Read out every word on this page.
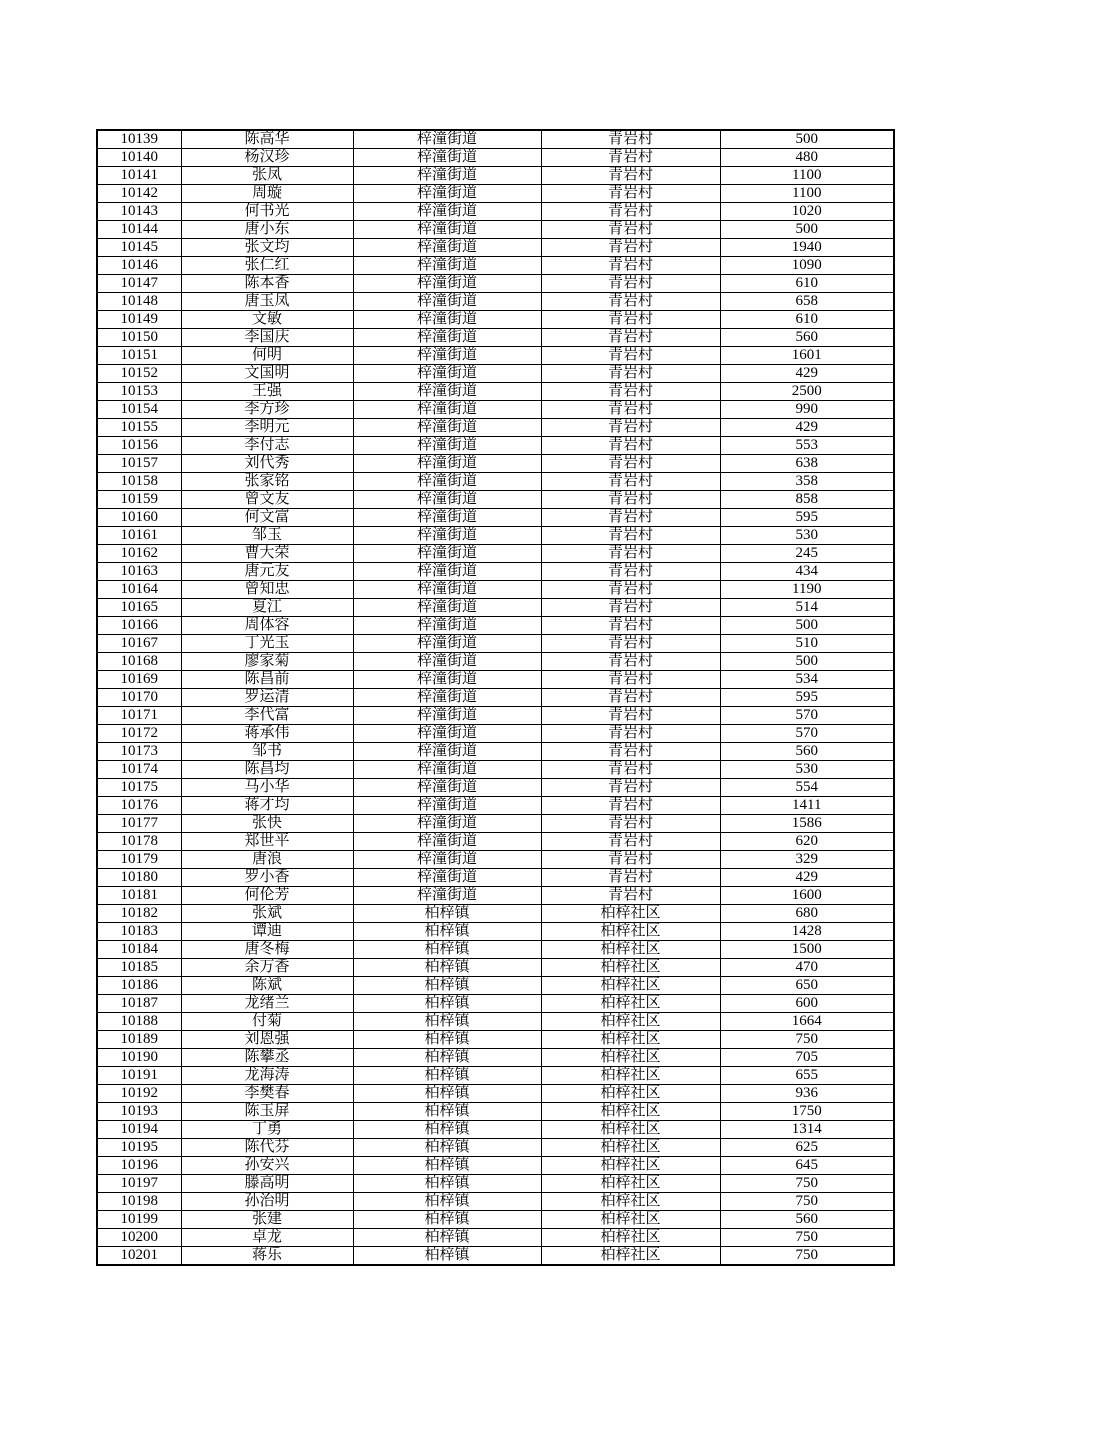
10139	陈高华	梓潼街道	青岩村	500
10140	杨汉珍	梓潼街道	青岩村	480
10141	张凤	梓潼街道	青岩村	1100
10142	周璇	梓潼街道	青岩村	1100
10143	何书光	梓潼街道	青岩村	1020
10144	唐小东	梓潼街道	青岩村	500
10145	张文均	梓潼街道	青岩村	1940
10146	张仁红	梓潼街道	青岩村	1090
10147	陈本香	梓潼街道	青岩村	610
10148	唐玉凤	梓潼街道	青岩村	658
10149	文敏	梓潼街道	青岩村	610
10150	李国庆	梓潼街道	青岩村	560
10151	何明	梓潼街道	青岩村	1601
10152	文国明	梓潼街道	青岩村	429
10153	王强	梓潼街道	青岩村	2500
10154	李方珍	梓潼街道	青岩村	990
10155	李明元	梓潼街道	青岩村	429
10156	李付志	梓潼街道	青岩村	553
10157	刘代秀	梓潼街道	青岩村	638
10158	张家铭	梓潼街道	青岩村	358
10159	曾文友	梓潼街道	青岩村	858
10160	何文富	梓潼街道	青岩村	595
10161	邹玉	梓潼街道	青岩村	530
10162	曹大荣	梓潼街道	青岩村	245
10163	唐元友	梓潼街道	青岩村	434
10164	曾知忠	梓潼街道	青岩村	1190
10165	夏江	梓潼街道	青岩村	514
10166	周体容	梓潼街道	青岩村	500
10167	丁光玉	梓潼街道	青岩村	510
10168	廖家菊	梓潼街道	青岩村	500
10169	陈昌前	梓潼街道	青岩村	534
10170	罗运清	梓潼街道	青岩村	595
10171	李代富	梓潼街道	青岩村	570
10172	蒋承伟	梓潼街道	青岩村	570
10173	邹书	梓潼街道	青岩村	560
10174	陈昌均	梓潼街道	青岩村	530
10175	马小华	梓潼街道	青岩村	554
10176	蒋才均	梓潼街道	青岩村	1411
10177	张快	梓潼街道	青岩村	1586
10178	郑世平	梓潼街道	青岩村	620
10179	唐浪	梓潼街道	青岩村	329
10180	罗小香	梓潼街道	青岩村	429
10181	何伦芳	梓潼街道	青岩村	1600
10182	张斌	柏梓镇	柏梓社区	680
10183	谭迪	柏梓镇	柏梓社区	1428
10184	唐冬梅	柏梓镇	柏梓社区	1500
10185	余万香	柏梓镇	柏梓社区	470
10186	陈斌	柏梓镇	柏梓社区	650
10187	龙绪兰	柏梓镇	柏梓社区	600
10188	付菊	柏梓镇	柏梓社区	1664
10189	刘恩强	柏梓镇	柏梓社区	750
10190	陈攀丞	柏梓镇	柏梓社区	705
10191	龙海涛	柏梓镇	柏梓社区	655
10192	李樊春	柏梓镇	柏梓社区	936
10193	陈玉屏	柏梓镇	柏梓社区	1750
10194	丁勇	柏梓镇	柏梓社区	1314
10195	陈代芬	柏梓镇	柏梓社区	625
10196	孙安兴	柏梓镇	柏梓社区	645
10197	滕高明	柏梓镇	柏梓社区	750
10198	孙治明	柏梓镇	柏梓社区	750
10199	张建	柏梓镇	柏梓社区	560
10200	卓龙	柏梓镇	柏梓社区	750
10201	蒋乐	柏梓镇	柏梓社区	750
